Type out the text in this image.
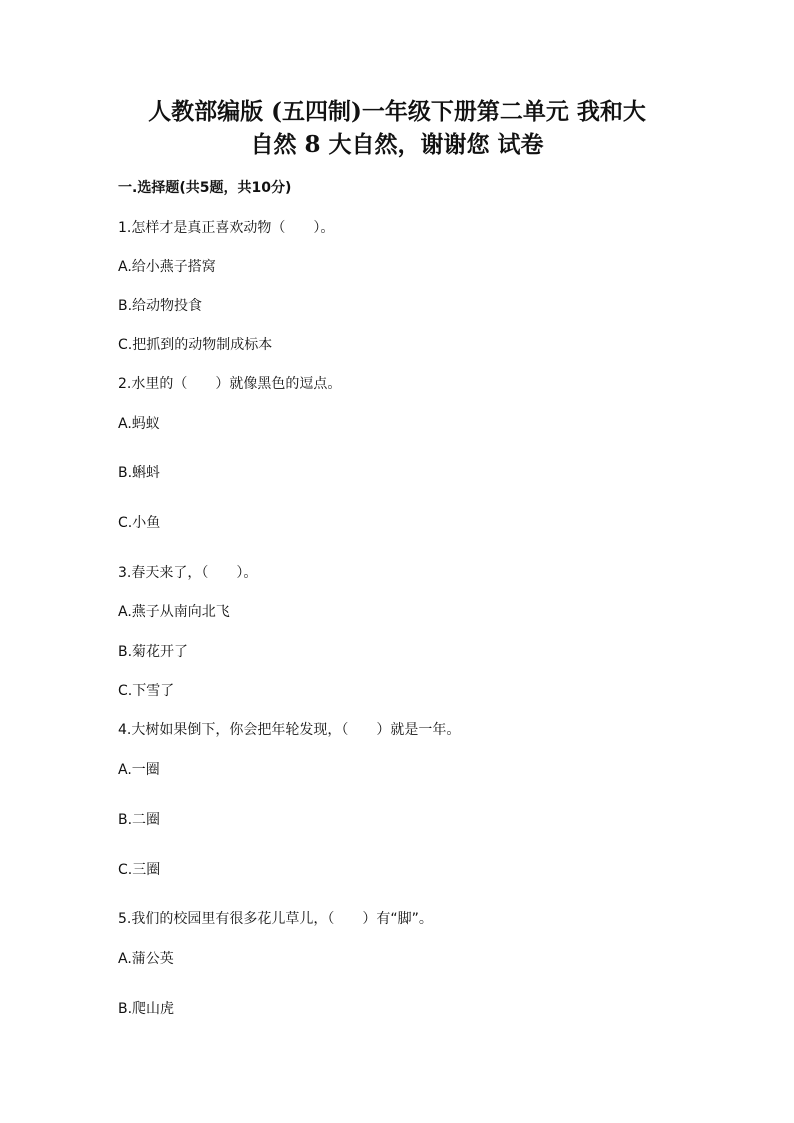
人教部编版 (五四制)一年级下册第二单元 我和大
自然 8 大自然，谢谢您 试卷
一.选择题(共5题，共10分)
1.怎样才是真正喜欢动物（　　）。
A.给小燕子搭窝
B.给动物投食
C.把抓到的动物制成标本
2.水里的（　　）就像黑色的逗点。
A.蚂蚁
B.蝌蚪
C.小鱼
3.春天来了，（　　）。
A.燕子从南向北飞
B.菊花开了
C.下雪了
4.大树如果倒下，你会把年轮发现，（　　）就是一年。
A.一圈
B.二圈
C.三圈
5.我们的校园里有很多花儿草儿，（　　）有“脚”。
A.蒲公英
B.爬山虎
